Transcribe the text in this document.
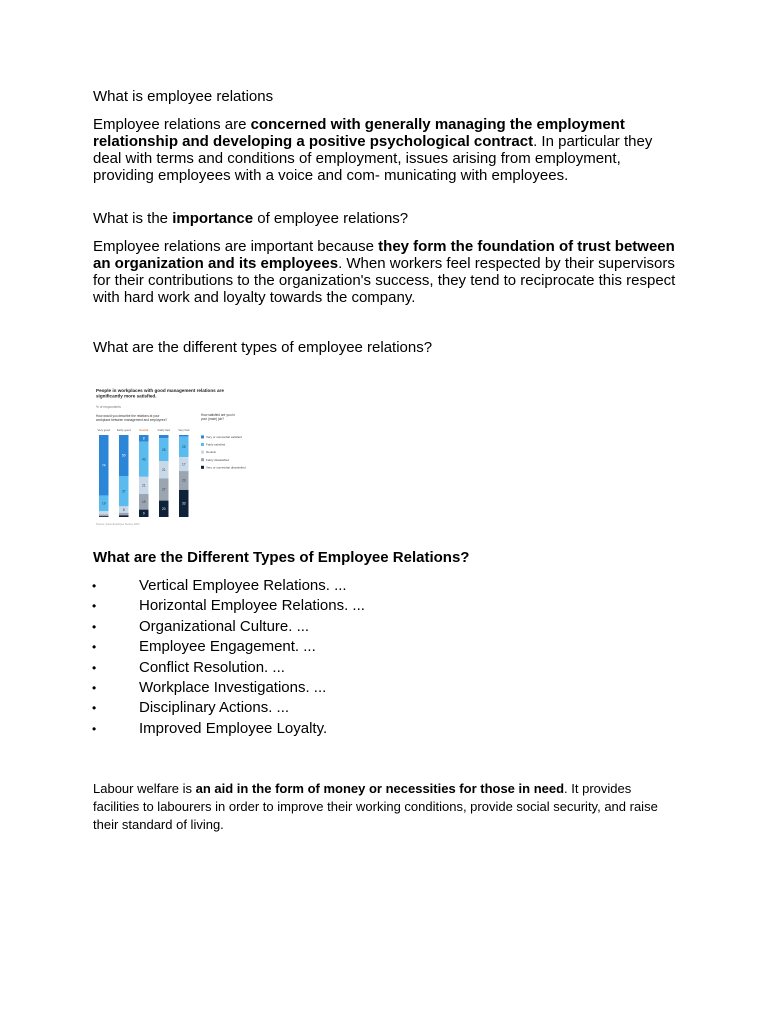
What is employee relations

Employee relations are concerned with generally managing the employment relationship and developing a positive psychological contract. In particular they deal with terms and conditions of employment, issues arising from employment, providing employees with a voice and com- municating with employees.

What is the importance of employee relations?

Employee relations are important because they form the foundation of trust between an organization and its employees. When workers feel respected by their supervisors for their contributions to the organization's success, they tend to reciprocate this respect with hard work and loyalty towards the company.

What are the different types of employee relations?

People in workplaces with good management relations are significantly more satisfied.
% of respondents
How would you describe the relations at your workplace between management and employees?
How satisfied are you in your (main) job?
Very good
74
19
Fairly good
50
37
8
Neutral
8
43
21
19
9
Fairly bad
28
21
27
20
Very bad
25
17
23
33
Very or somewhat satisfied
Fairly satisfied
Neutral
Fairly dissatisfied
Very or somewhat dissatisfied
Source: Ipsos Employee Survey 2023

What are the Different Types of Employee Relations?

•	Vertical Employee Relations. ...
•	Horizontal Employee Relations. ...
•	Organizational Culture. ...
•	Employee Engagement. ...
•	Conflict Resolution. ...
•	Workplace Investigations. ...
•	Disciplinary Actions. ...
•	Improved Employee Loyalty.

Labour welfare is an aid in the form of money or necessities for those in need. It provides facilities to labourers in order to improve their working conditions, provide social security, and raise their standard of living.
